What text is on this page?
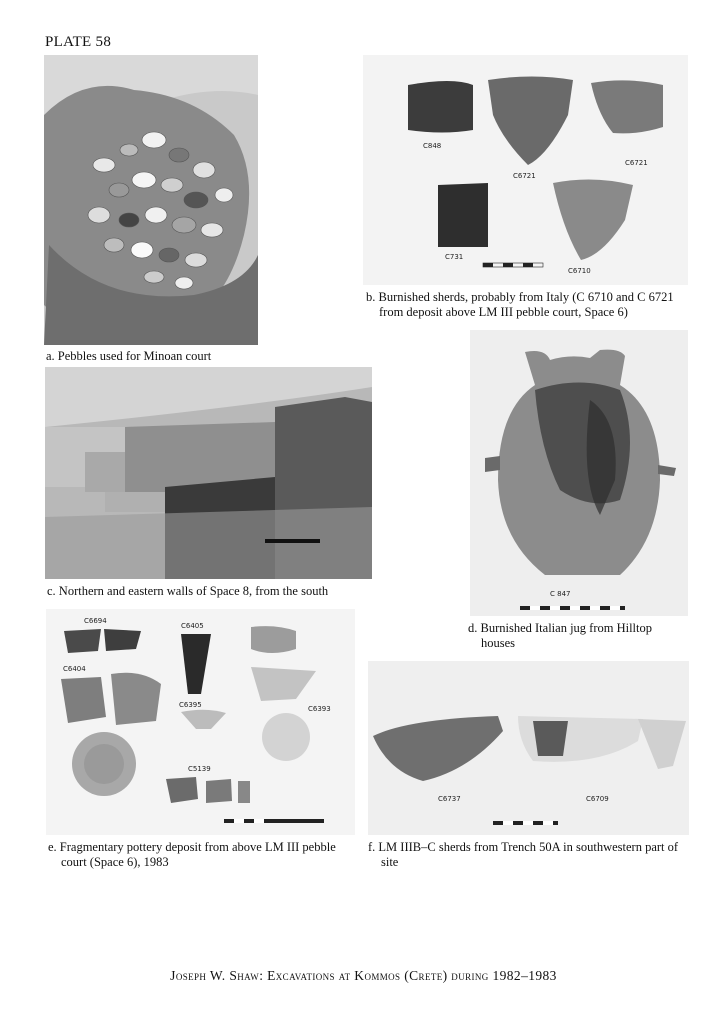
PLATE 58
a. Pebbles used for Minoan court
C848
C6721
C6721
C731
C6710
b. Burnished sherds, probably from Italy (C 6710 and C 6721 from deposit above LM III pebble court, Space 6)
c. Northern and eastern walls of Space 8, from the south	C 847
d. Burnished Italian jug from Hilltop houses
C6694
C6405
C6404
C6395	C6393
C5139
e. Fragmentary pottery deposit from above LM III pebble court (Space 6), 1983
C6737	C6709
f. LM IIIB–C sherds from Trench 50A in southwestern part of site
Joseph W. Shaw: Excavations at Kommos (Crete) during 1982–1983
